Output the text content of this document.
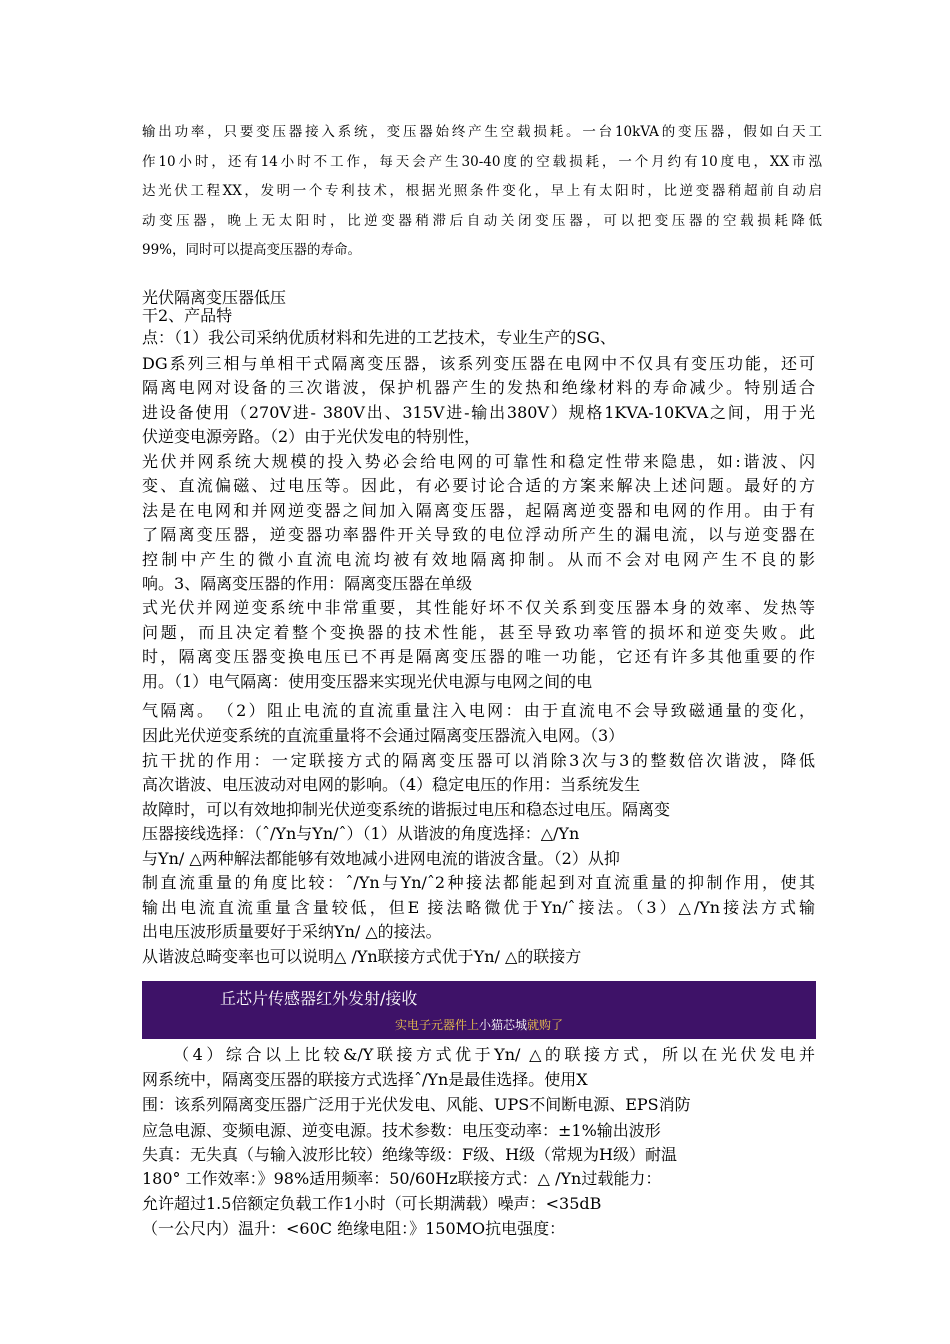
输出功率，只要变压器接入系统，变压器始终产生空载损耗。一台10kVA的变压器，假如白天工
作10小时，还有14小时不工作，每天会产生30-40度的空载损耗，一个月约有10度电，XX市泓
达光伏工程XX，发明一个专利技术，根据光照条件变化，早上有太阳时，比逆变器稍超前自动启
动变压器，晚上无太阳时，比逆变器稍滞后自动关闭变压器，可以把变压器的空载损耗降低
99%，同时可以提高变压器的寿命。
光伏隔离变压器低压
干2、产品特
点：（1）我公司采纳优质材料和先进的工艺技术，专业生产的SG、
DG系列三相与单相干式隔离变压器，该系列变压器在电网中不仅具有变压功能，还可
隔离电网对设备的三次谐波，保护机器产生的发热和绝缘材料的寿命减少。特别适合
进设备使用（270V进- 380V出、315V进-输出380V）规格1KVA-10KVA之间，用于光
伏逆变电源旁路。（2）由于光伏发电的特别性，
光伏并网系统大规模的投入势必会给电网的可靠性和稳定性带来隐患，如:谐波、闪
变、直流偏磁、过电压等。因此，有必要讨论合适的方案来解决上述问题。最好的方
法是在电网和并网逆变器之间加入隔离变压器，起隔离逆变器和电网的作用。由于有
了隔离变压器，逆变器功率器件开关导致的电位浮动所产生的漏电流，以与逆变器在
控制中产生的微小直流电流均被有效地隔离抑制。从而不会对电网产生不良的影
响。3、隔离变压器的作用：隔离变压器在单级
式光伏并网逆变系统中非常重要，其性能好坏不仅关系到变压器本身的效率、发热等
问题，而且决定着整个变换器的技术性能，甚至导致功率管的损坏和逆变失败。此
时，隔离变压器变换电压已不再是隔离变压器的唯一功能，它还有许多其他重要的作
用。（1）电气隔离：使用变压器来实现光伏电源与电网之间的电
气隔离。　（2）阻止电流的直流重量注入电网：由于直流电不会导致磁通量的变化，
因此光伏逆变系统的直流重量将不会通过隔离变压器流入电网。（3）
抗干扰的作用：一定联接方式的隔离变压器可以消除3次与3的整数倍次谐波，降低
高次谐波、电压波动对电网的影响。（4）稳定电压的作用：当系统发生
故障时，可以有效地抑制光伏逆变系统的谐振过电压和稳态过电压。隔离变
压器接线选择：（ˆ/Yn与Yn/ˆ）（1）从谐波的角度选择：△/Yn
与Yn/ △两种解法都能够有效地减小进网电流的谐波含量。（2）从抑
制直流重量的角度比较：ˆ/Yn与Yn/ˆ2种接法都能起到对直流重量的抑制作用，使其
输出电流直流重量含量较低，但E 接法略微优于Yn/ˆ接法。（3）△/Yn接法方式输
出电压波形质量要好于采纳Yn/ △的接法。
从谐波总畸变率也可以说明△ /Yn联接方式优于Yn/ △的联接方
丘芯片传感器红外发射/接收
实电子元器件上小猫芯城就购了
　　（4）综合以上比较&/Y联接方式优于Yn/ △的联接方式，所以在光伏发电并
网系统中，隔离变压器的联接方式选择ˆ/Yn是最佳选择。使用X
围：该系列隔离变压器广泛用于光伏发电、风能、UPS不间断电源、EPS消防
应急电源、变频电源、逆变电源。技术参数：电压变动率：±1%输出波形
失真：无失真（与输入波形比较）绝缘等级：F级、H级（常规为H级）耐温
180° 工作效率：》98%适用频率：50/60Hz联接方式：△ /Yn过载能力：
允许超过1.5倍额定负载工作1小时（可长期满载）噪声：<35dB
（一公尺内）温升：<60C 绝缘电阻：》150MO抗电强度：
